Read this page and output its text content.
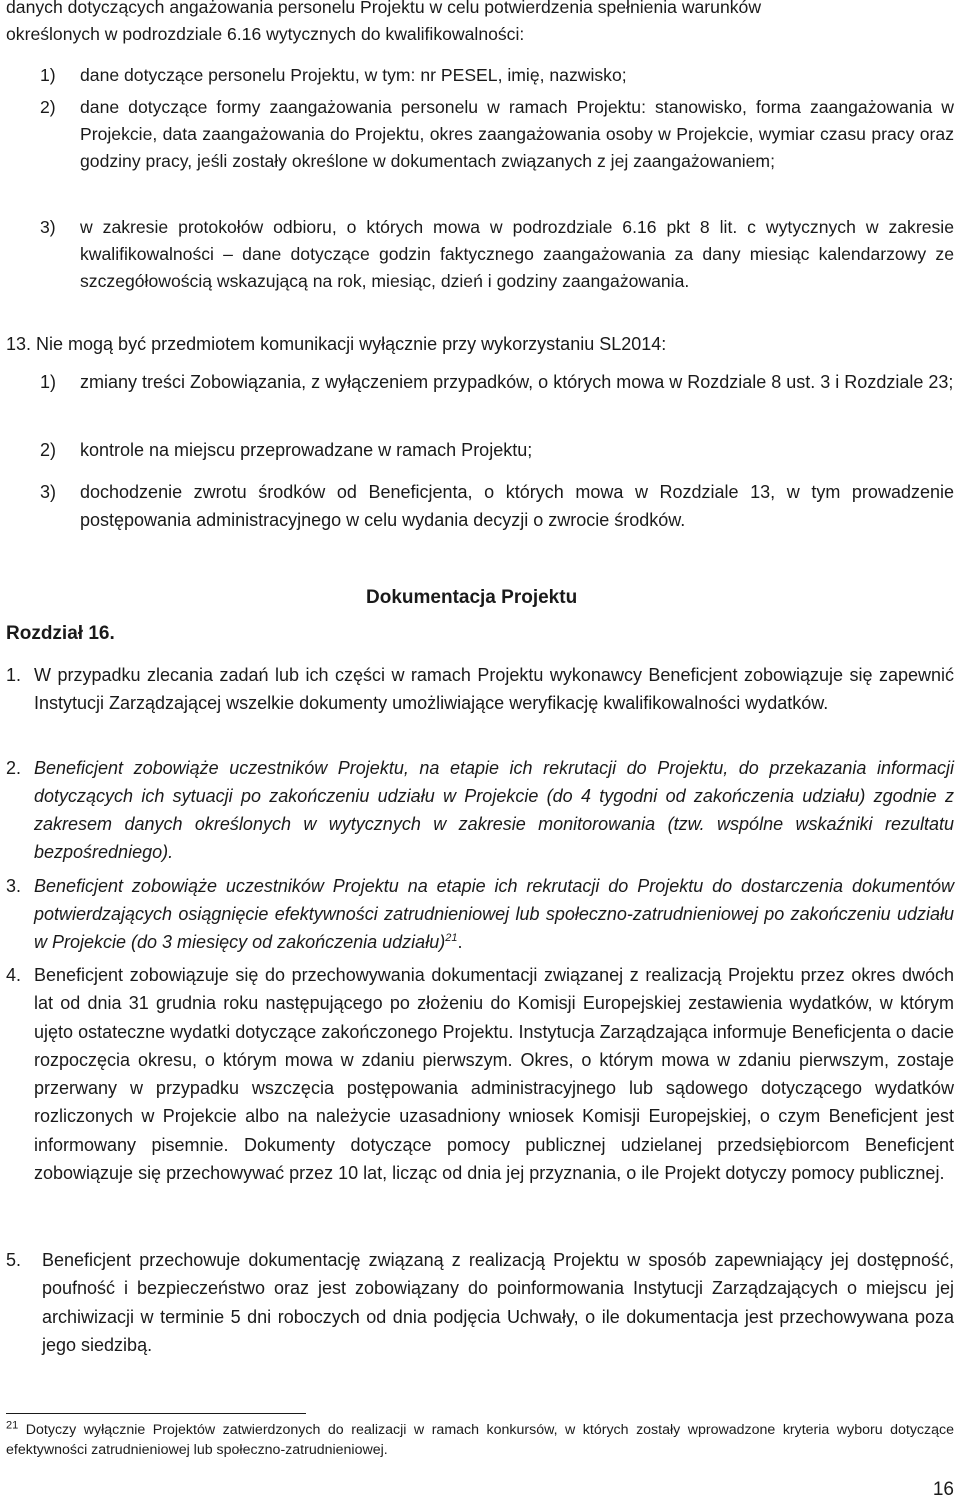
danych dotyczących angażowania personelu Projektu w celu potwierdzenia spełnienia warunków
określonych w podrozdziale 6.16 wytycznych do kwalifikowalności:
1)	dane dotyczące personelu Projektu, w tym: nr PESEL, imię, nazwisko;
2)	dane dotyczące formy zaangażowania personelu w ramach Projektu: stanowisko, forma zaangażowania w Projekcie, data zaangażowania do Projektu, okres zaangażowania osoby w Projekcie, wymiar czasu pracy oraz godziny pracy, jeśli zostały określone w dokumentach związanych z jej zaangażowaniem;
3)	w zakresie protokołów odbioru, o których mowa w podrozdziale 6.16 pkt 8 lit. c wytycznych w zakresie kwalifikowalności – dane dotyczące godzin faktycznego zaangażowania za dany miesiąc kalendarzowy ze szczegółowością wskazującą na rok, miesiąc, dzień i godziny zaangażowania.
13. Nie mogą być przedmiotem komunikacji wyłącznie przy wykorzystaniu SL2014:
1)	zmiany treści Zobowiązania, z wyłączeniem przypadków, o których mowa w Rozdziale 8 ust. 3 i Rozdziale 23;
2)	kontrole na miejscu przeprowadzane w ramach Projektu;
3)	dochodzenie zwrotu środków od Beneficjenta, o których mowa w Rozdziale 13, w tym prowadzenie postępowania administracyjnego w celu wydania decyzji o zwrocie środków.
Dokumentacja Projektu
Rozdział 16.
1. W przypadku zlecania zadań lub ich części w ramach Projektu wykonawcy Beneficjent zobowiązuje się zapewnić Instytucji Zarządzającej wszelkie dokumenty umożliwiające weryfikację kwalifikowalności wydatków.
2. Beneficjent zobowiąże uczestników Projektu, na etapie ich rekrutacji do Projektu, do przekazania informacji dotyczących ich sytuacji po zakończeniu udziału w Projekcie (do 4 tygodni od zakończenia udziału) zgodnie z zakresem danych określonych w wytycznych w zakresie monitorowania (tzw. wspólne wskaźniki rezultatu bezpośredniego).
3. Beneficjent zobowiąże uczestników Projektu na etapie ich rekrutacji do Projektu do dostarczenia dokumentów potwierdzających osiągnięcie efektywności zatrudnieniowej lub społeczno-zatrudnieniowej po zakończeniu udziału w Projekcie (do 3 miesięcy od zakończenia udziału)$^{21}$.
4. Beneficjent zobowiązuje się do przechowywania dokumentacji związanej z realizacją Projektu przez okres dwóch lat od dnia 31 grudnia roku następującego po złożeniu do Komisji Europejskiej zestawienia wydatków, w którym ujęto ostateczne wydatki dotyczące zakończonego Projektu. Instytucja Zarządzająca informuje Beneficjenta o dacie rozpoczęcia okresu, o którym mowa w zdaniu pierwszym. Okres, o którym mowa w zdaniu pierwszym, zostaje przerwany w przypadku wszczęcia postępowania administracyjnego lub sądowego dotyczącego wydatków rozliczonych w Projekcie albo na należycie uzasadniony wniosek Komisji Europejskiej, o czym Beneficjent jest informowany pisemnie. Dokumenty dotyczące pomocy publicznej udzielanej przedsiębiorcom Beneficjent zobowiązuje się przechowywać przez 10 lat, licząc od dnia jej przyznania, o ile Projekt dotyczy pomocy publicznej.
5.	Beneficjent przechowuje dokumentację związaną z realizacją Projektu w sposób zapewniający jej dostępność, poufność i bezpieczeństwo oraz jest zobowiązany do poinformowania Instytucji Zarządzających o miejscu jej archiwizacji w terminie 5 dni roboczych od dnia podjęcia Uchwały, o ile dokumentacja jest przechowywana poza jego siedzibą.
$^{21}$ Dotyczy wyłącznie Projektów zatwierdzonych do realizacji w ramach konkursów, w których zostały wprowadzone kryteria wyboru dotyczące efektywności zatrudnieniowej lub społeczno-zatrudnieniowej.
16
